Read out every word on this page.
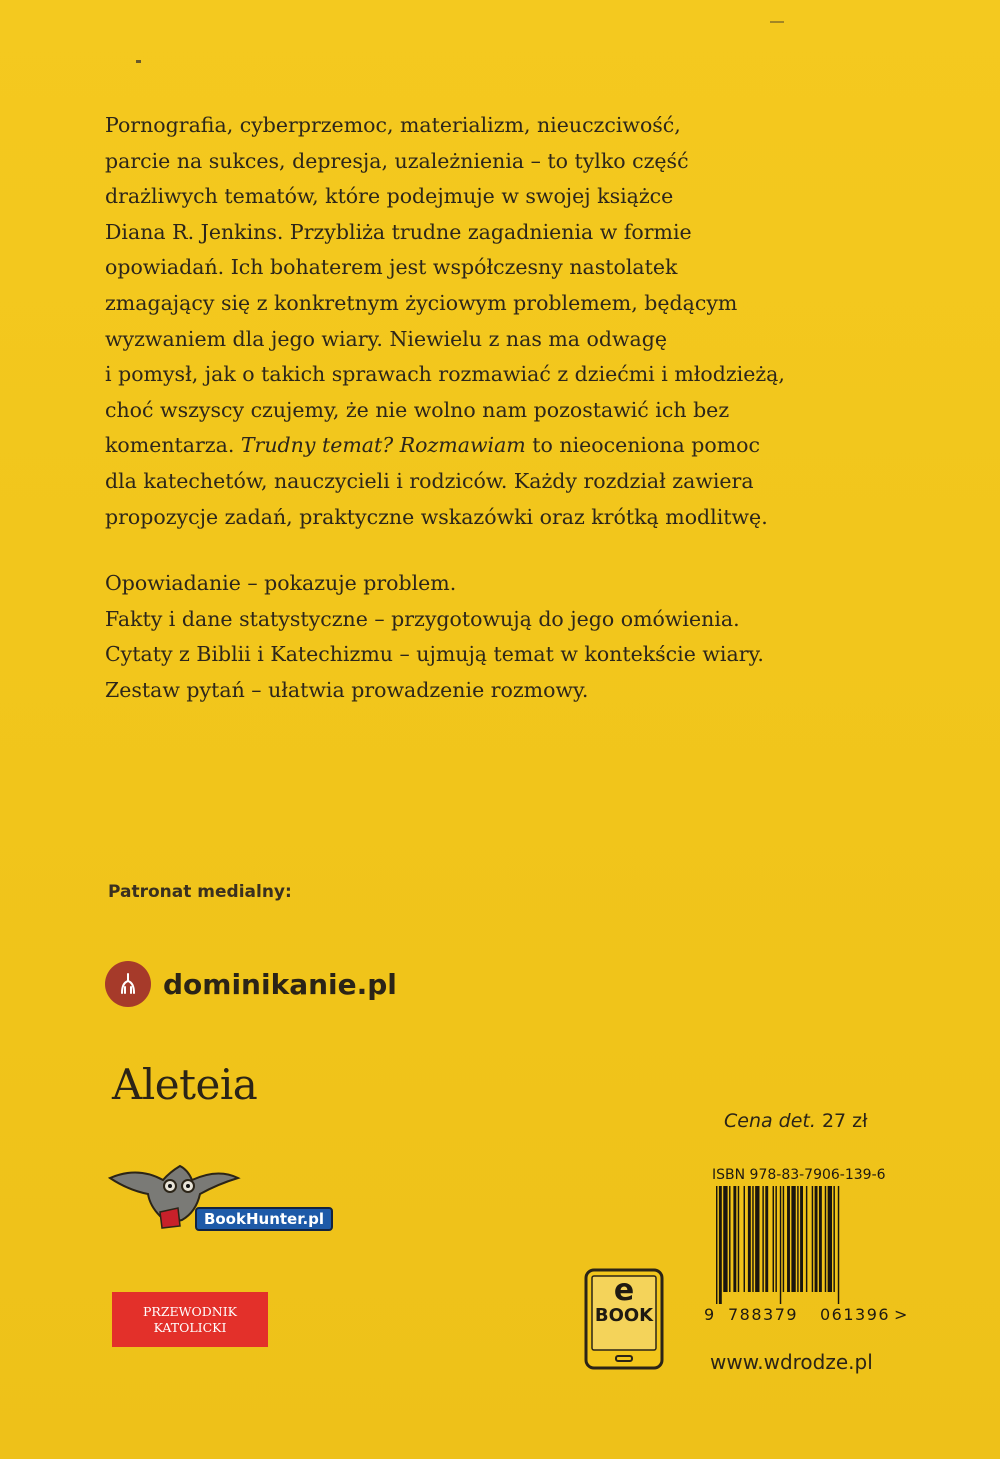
Pornografia, cyberprzemoc, materializm, nieuczciwość,

parcie na sukces, depresja, uzależnienia – to tylko część

drażliwych tematów, które podejmuje w swojej książce

Diana R. Jenkins. Przybliża trudne zagadnienia w formie

opowiadań. Ich bohaterem jest współczesny nastolatek

zmagający się z konkretnym życiowym problemem, będącym

wyzwaniem dla jego wiary. Niewielu z nas ma odwagę

i pomysł, jak o takich sprawach rozmawiać z dziećmi i młodzieżą,

choć wszyscy czujemy, że nie wolno nam pozostawić ich bez

komentarza. Trudny temat? Rozmawiam to nieoceniona pomoc

dla katechetów, nauczycieli i rodziców. Każdy rozdział zawiera

propozycje zadań, praktyczne wskazówki oraz krótką modlitwę.

Opowiadanie – pokazuje problem.

Fakty i dane statystyczne – przygotowują do jego omówienia.

Cytaty z Biblii i Katechizmu – ujmują temat w kontekście wiary.

Zestaw pytań – ułatwia prowadzenie rozmowy.

Patronat medialny:
dominikanie.pl
Aleteia
BookHunter.pl
PRZEWODNIK
KATOLICKI
e
BOOK
Cena det. 27 zł
ISBN 978-83-7906-139-6
9 788379 061396 >
www.wdrodze.pl
